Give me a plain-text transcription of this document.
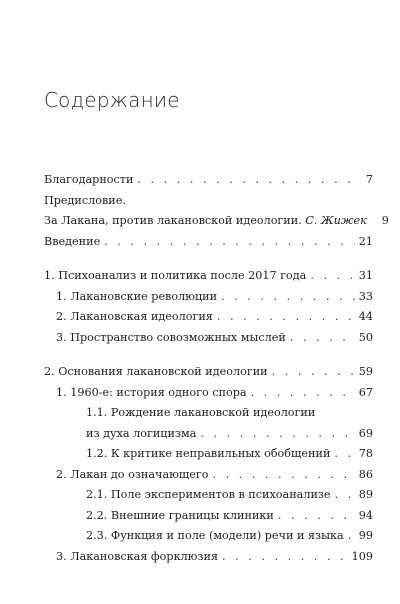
Содержание
Благодарности . . .	7
Предисловие.
За Лакана, против лакановской идеологии. С. Жижек	9
Введение . . .	21
1. Психоанализ и политика после 2017 года . . .	31
1. Лакановские революции . . .	33
2. Лакановская идеология . . .	44
3. Пространство совозможных мыслей . . .	50
2. Основания лакановской идеологии . . .	59
1. 1960-е: история одного спора . . .	67
1.1. Рождение лакановской идеологии
из духа логицизма . . .	69
1.2. К критике неправильных обобщений . . .	78
2. Лакан до означающего . . .	86
2.1. Поле экспериментов в психоанализе . . .	89
2.2. Внешние границы клиники . . .	94
2.3. Функция и поле (модели) речи и языка . . . 99
3. Лакановская форклюзия . . .	109
